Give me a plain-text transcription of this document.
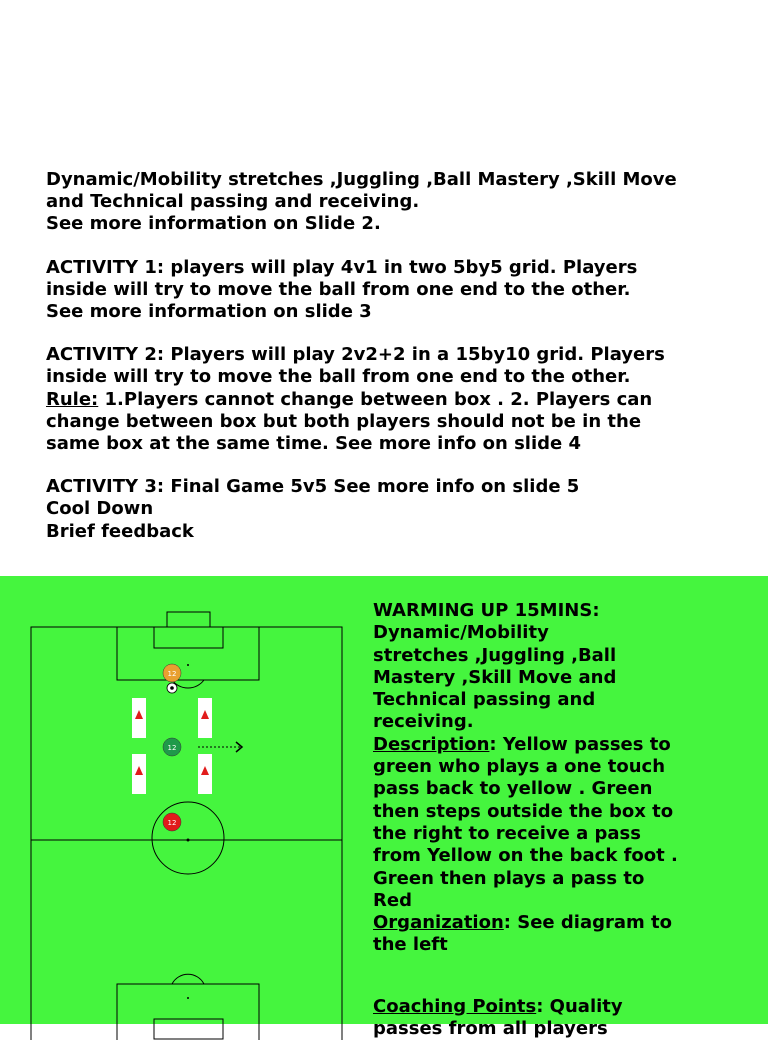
Dynamic/Mobility stretches ,Juggling ,Ball Mastery ,Skill Move
and Technical passing and receiving.
See more information on Slide 2.

ACTIVITY 1: players will play 4v1 in two 5by5 grid. Players
inside will try to move the ball from one end to the other.
See more information on slide 3

ACTIVITY 2: Players will play 2v2+2 in a 15by10 grid. Players
inside will try to move the ball from one end to the other.
Rule: 1.Players cannot change between box . 2. Players can
change between box but both players should not be in the
same box at the same time. See more info on slide 4

ACTIVITY 3: Final Game 5v5 See more info on slide 5
Cool Down
Brief feedback

12
12
12

WARMING UP 15MINS:
Dynamic/Mobility
stretches ,Juggling ,Ball
Mastery ,Skill Move and
Technical passing and
receiving.

Description: Yellow passes to
green who plays a one touch
pass back to yellow . Green
then steps outside the box to
the right to receive a pass
from Yellow on the back foot .
Green then plays a pass to
Red

Organization: See diagram to
the left

Coaching Points: Quality
passes from all players
